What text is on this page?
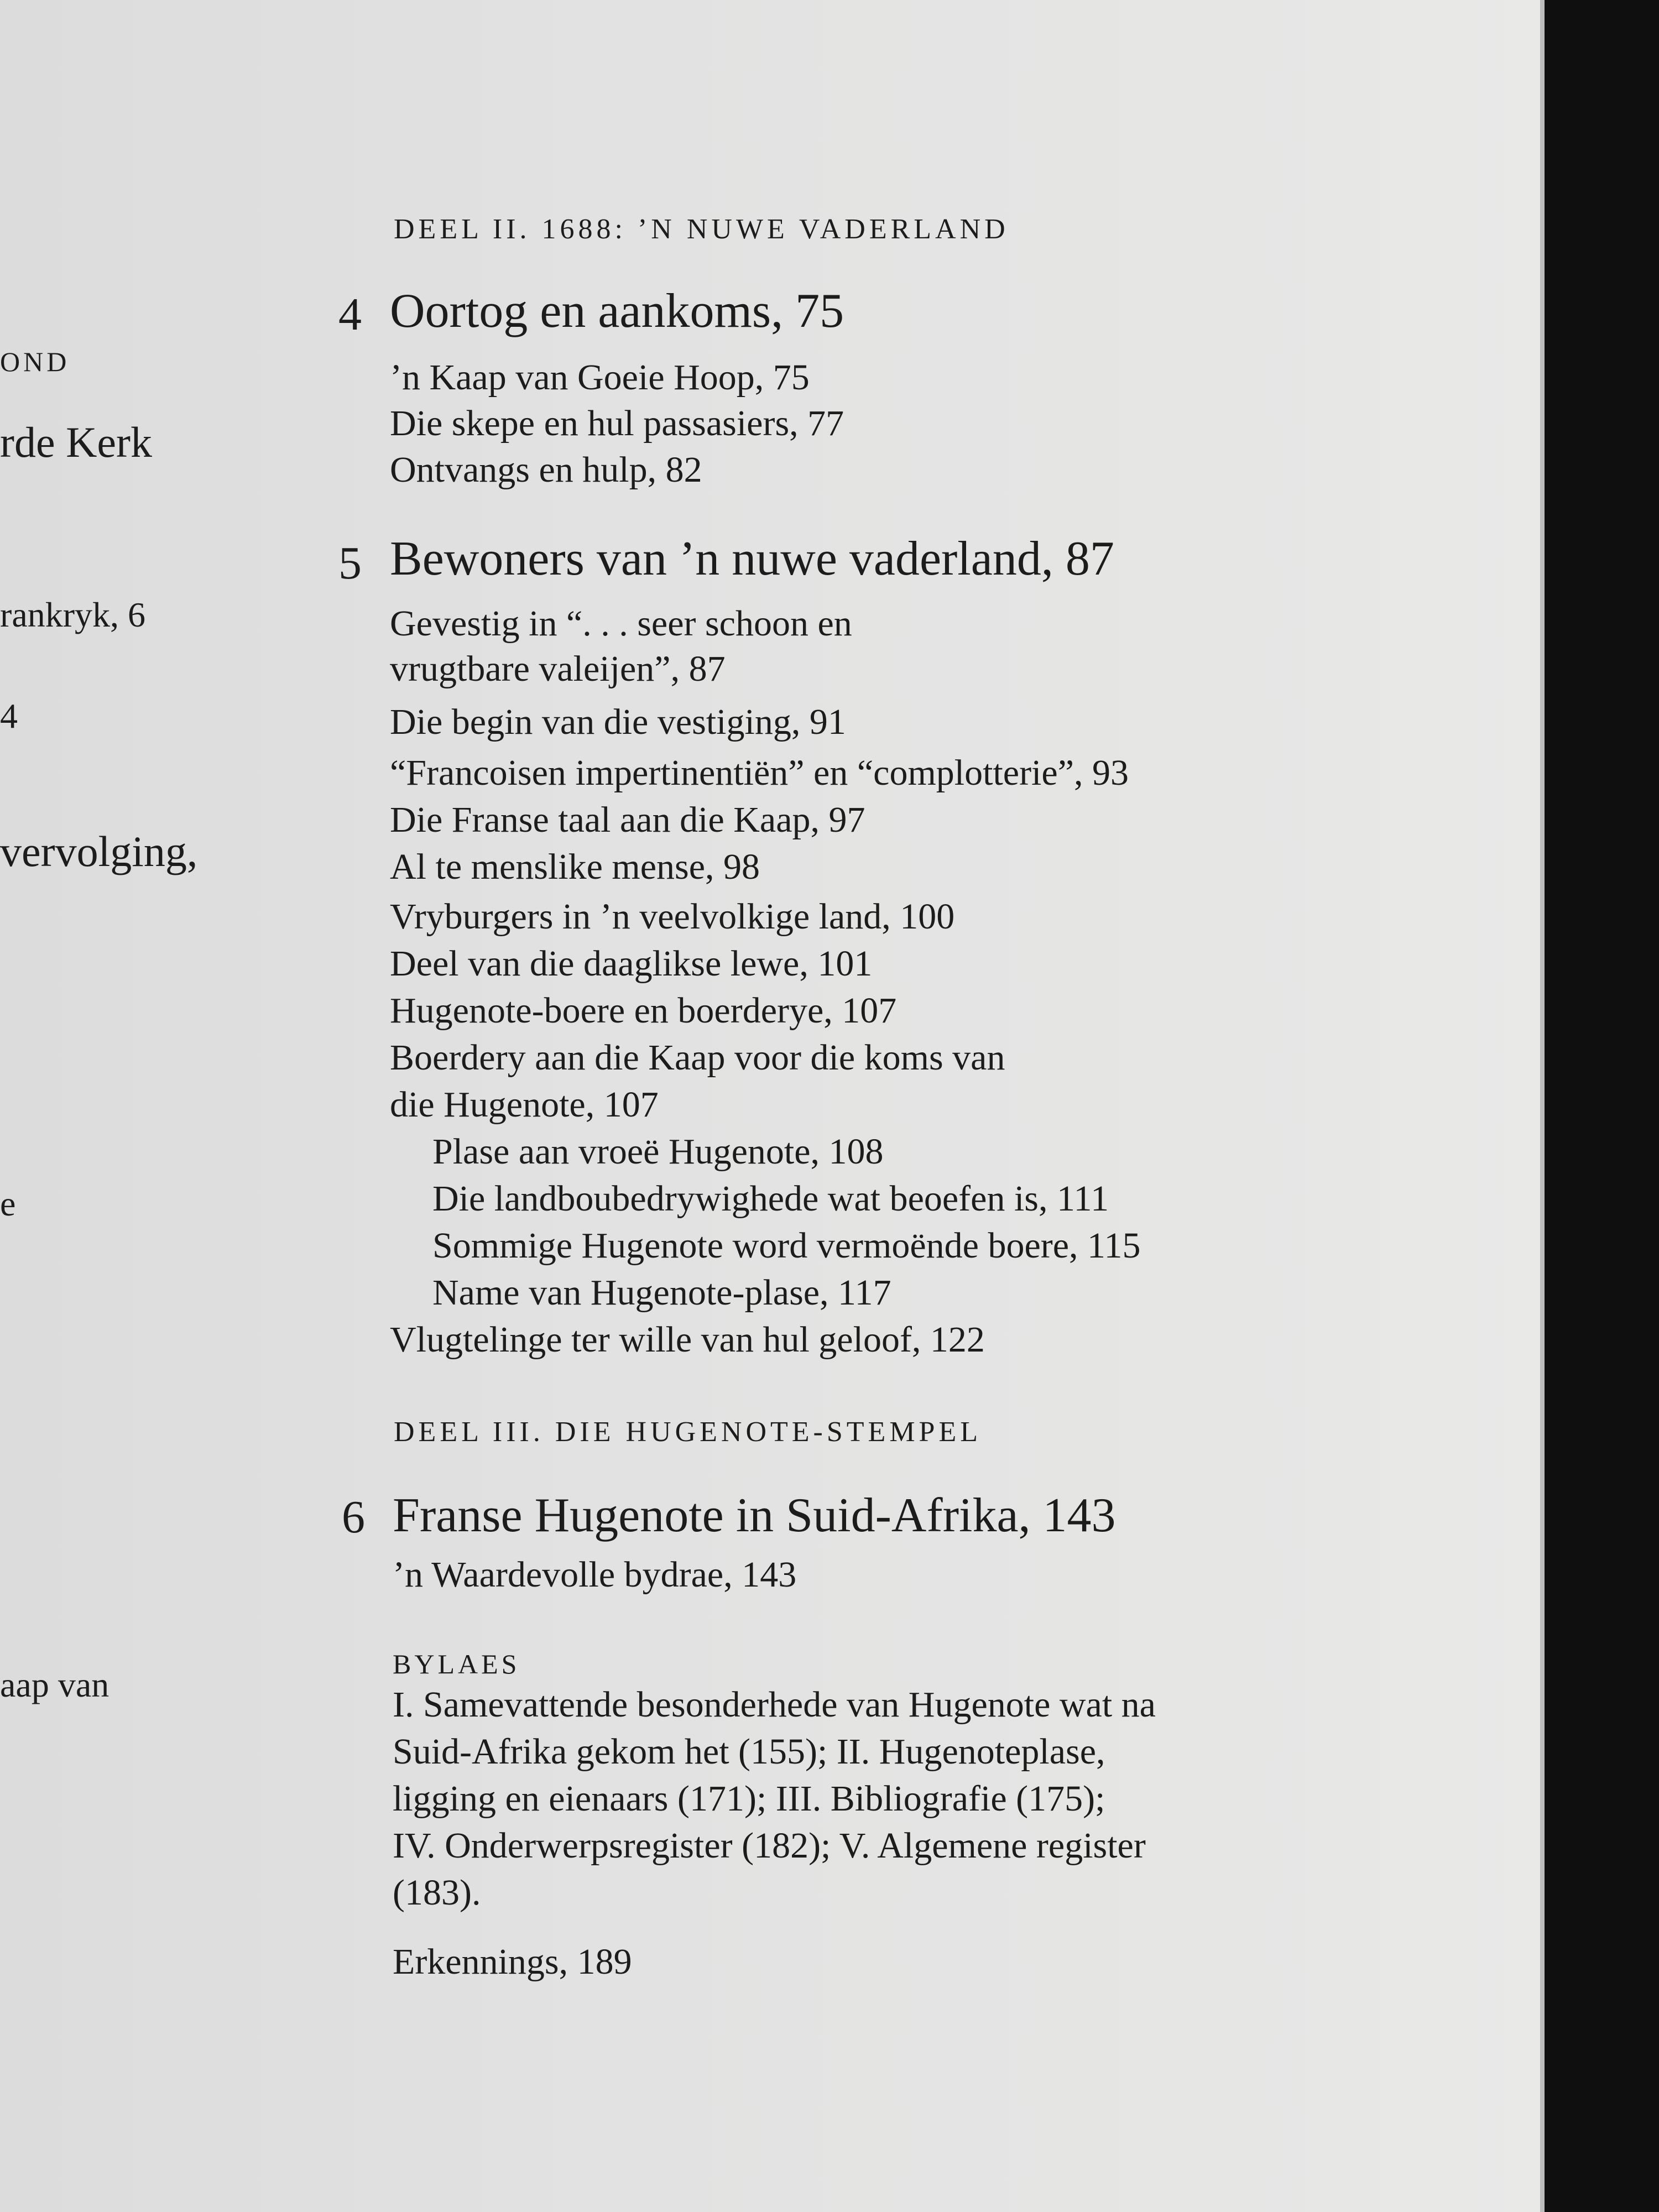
OND
rde Kerk
rankryk, 6
4
vervolging,
e
aap van
DEEL II. 1688: ’N NUWE VADERLAND
4 Oortog en aankoms, 75
’n Kaap van Goeie Hoop, 75
Die skepe en hul passasiers, 77
Ontvangs en hulp, 82
5 Bewoners van ’n nuwe vaderland, 87
Gevestig in “. . . seer schoon en
vrugtbare valeijen”, 87
Die begin van die vestiging, 91
“Francoisen impertinentiën” en “complotterie”, 93
Die Franse taal aan die Kaap, 97
Al te menslike mense, 98
Vryburgers in ’n veelvolkige land, 100
Deel van die daaglikse lewe, 101
Hugenote-boere en boerderye, 107
Boerdery aan die Kaap voor die koms van
die Hugenote, 107
Plase aan vroeë Hugenote, 108
Die landboubedrywighede wat beoefen is, 111
Sommige Hugenote word vermoënde boere, 115
Name van Hugenote-plase, 117
Vlugtelinge ter wille van hul geloof, 122
DEEL III. DIE HUGENOTE-STEMPEL
6 Franse Hugenote in Suid-Afrika, 143
’n Waardevolle bydrae, 143
BYLAES
I. Samevattende besonderhede van Hugenote wat na
Suid-Afrika gekom het (155); II. Hugenoteplase,
ligging en eienaars (171); III. Bibliografie (175);
IV. Onderwerpsregister (182); V. Algemene register
(183).
Erkennings, 189
